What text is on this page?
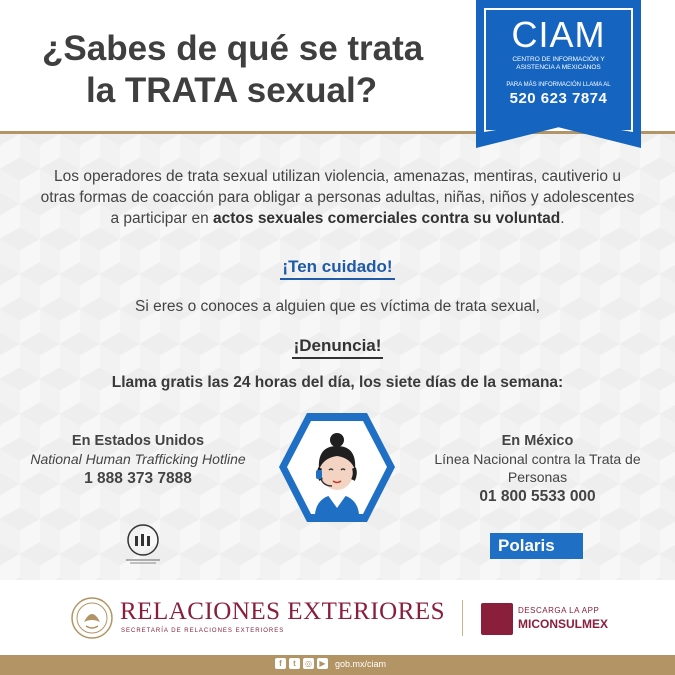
¿Sabes de qué se trata
la TRATA sexual?
CIAM
CENTRO DE INFORMACIÓN Y
ASISTENCIA A MEXICANOS
PARA MÁS INFORMACIÓN LLAMA AL
520 623 7874

Los operadores de trata sexual utilizan violencia, amenazas, mentiras, cautiverio u otras formas de coacción para obligar a personas adultas, niñas, niños y adolescentes a participar en actos sexuales comerciales contra su voluntad.

¡Ten cuidado!
Si eres o conoces a alguien que es víctima de trata sexual,
¡Denuncia!
Llama gratis las 24 horas del día, los siete días de la semana:
En Estados Unidos
National Human Trafficking Hotline
1 888 373 7888
En México
Línea Nacional contra la Trata de Personas
01 800 5533 000
Polaris
RELACIONES EXTERIORES
SECRETARÍA DE RELACIONES EXTERIORES
DESCARGA LA APP
MICONSULMEX
f	t	◎ ▶ gob.mx/ciam
